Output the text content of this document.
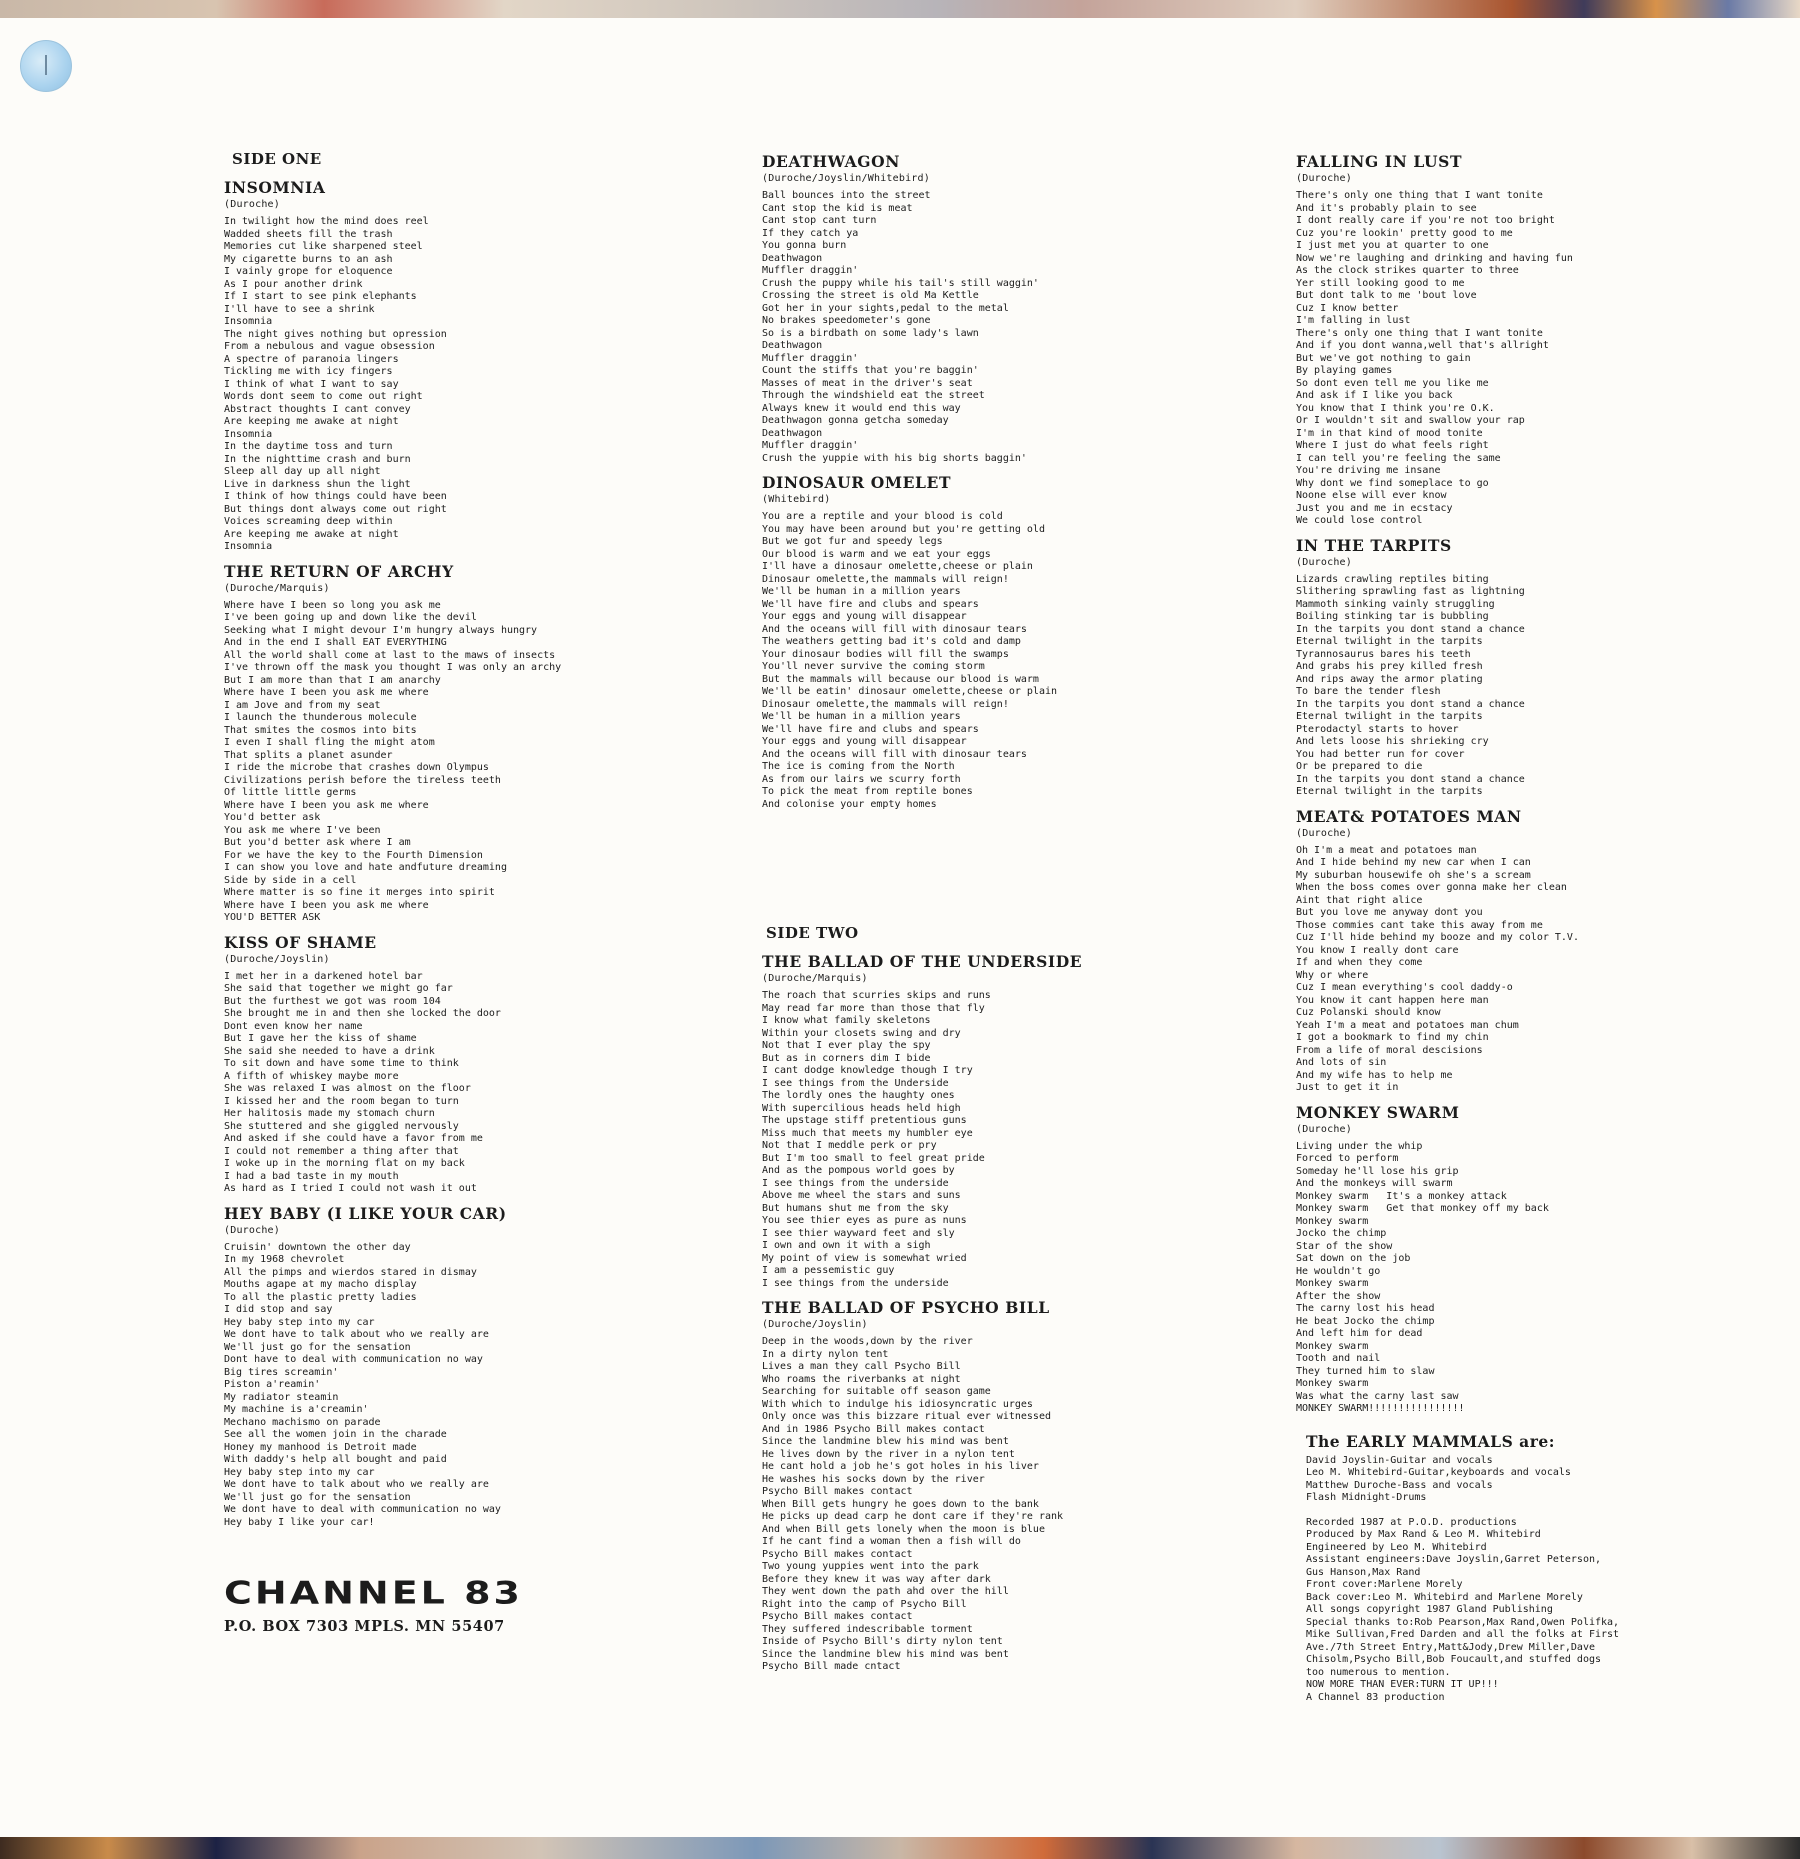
SIDE ONE
INSOMNIA
(Duroche)
In twilight how the mind does reel
Wadded sheets fill the trash
Memories cut like sharpened steel
My cigarette burns to an ash
I vainly grope for eloquence
As I pour another drink
If I start to see pink elephants
I'll have to see a shrink
Insomnia
The night gives nothing but opression
From a nebulous and vague obsession
A spectre of paranoia lingers
Tickling me with icy fingers
I think of what I want to say
Words dont seem to come out right
Abstract thoughts I cant convey
Are keeping me awake at night
Insomnia
In the daytime toss and turn
In the nighttime crash and burn
Sleep all day up all night
Live in darkness shun the light
I think of how things could have been
But things dont always come out right
Voices screaming deep within
Are keeping me awake at night
Insomnia
THE RETURN OF ARCHY
(Duroche/Marquis)
Where have I been so long you ask me
I've been going up and down like the devil
Seeking what I might devour I'm hungry always hungry
And in the end I shall EAT EVERYTHING
All the world shall come at last to the maws of insects
I've thrown off the mask you thought I was only an archy
But I am more than that I am anarchy
Where have I been you ask me where
I am Jove and from my seat
I launch the thunderous molecule
That smites the cosmos into bits
I even I shall fling the might atom
That splits a planet asunder
I ride the microbe that crashes down Olympus
Civilizations perish before the tireless teeth
Of little little germs
Where have I been you ask me where
You'd better ask
You ask me where I've been
But you'd better ask where I am
For we have the key to the Fourth Dimension
I can show you love and hate andfuture dreaming
Side by side in a cell
Where matter is so fine it merges into spirit
Where have I been you ask me where
YOU'D BETTER ASK
KISS OF SHAME
(Duroche/Joyslin)
I met her in a darkened hotel bar
She said that together we might go far
But the furthest we got was room 104
She brought me in and then she locked the door
Dont even know her name
But I gave her the kiss of shame
She said she needed to have a drink
To sit down and have some time to think
A fifth of whiskey maybe more
She was relaxed I was almost on the floor
I kissed her and the room began to turn
Her halitosis made my stomach churn
She stuttered and she giggled nervously
And asked if she could have a favor from me
I could not remember a thing after that
I woke up in the morning flat on my back
I had a bad taste in my mouth
As hard as I tried I could not wash it out
HEY BABY (I LIKE YOUR CAR)
(Duroche)
Cruisin' downtown the other day
In my 1968 chevrolet
All the pimps and wierdos stared in dismay
Mouths agape at my macho display
To all the plastic pretty ladies
I did stop and say
Hey baby step into my car
We dont have to talk about who we really are
We'll just go for the sensation
Dont have to deal with communication no way
Big tires screamin'
Piston a'reamin'
My radiator steamin
My machine is a'creamin'
Mechano machismo on parade
See all the women join in the charade
Honey my manhood is Detroit made
With daddy's help all bought and paid
Hey baby step into my car
We dont have to talk about who we really are
We'll just go for the sensation
We dont have to deal with communication no way
Hey baby I like your car!
DEATHWAGON
(Duroche/Joyslin/Whitebird)
Ball bounces into the street
Cant stop the kid is meat
Cant stop cant turn
If they catch ya
You gonna burn
Deathwagon
Muffler draggin'
Crush the puppy while his tail's still waggin'
Crossing the street is old Ma Kettle
Got her in your sights,pedal to the metal
No brakes speedometer's gone
So is a birdbath on some lady's lawn
Deathwagon
Muffler draggin'
Count the stiffs that you're baggin'
Masses of meat in the driver's seat
Through the windshield eat the street
Always knew it would end this way
Deathwagon gonna getcha someday
Deathwagon
Muffler draggin'
Crush the yuppie with his big shorts baggin'
DINOSAUR OMELET
(Whitebird)
You are a reptile and your blood is cold
You may have been around but you're getting old
But we got fur and speedy legs
Our blood is warm and we eat your eggs
I'll have a dinosaur omelette,cheese or plain
Dinosaur omelette,the mammals will reign!
We'll be human in a million years
We'll have fire and clubs and spears
Your eggs and young will disappear
And the oceans will fill with dinosaur tears
The weathers getting bad it's cold and damp
Your dinosaur bodies will fill the swamps
You'll never survive the coming storm
But the mammals will because our blood is warm
We'll be eatin' dinosaur omelette,cheese or plain
Dinosaur omelette,the mammals will reign!
We'll be human in a million years
We'll have fire and clubs and spears
Your eggs and young will disappear
And the oceans will fill with dinosaur tears
The ice is coming from the North
As from our lairs we scurry forth
To pick the meat from reptile bones
And colonise your empty homes
SIDE TWO
THE BALLAD OF THE UNDERSIDE
(Duroche/Marquis)
The roach that scurries skips and runs
May read far more than those that fly
I know what family skeletons
Within your closets swing and dry
Not that I ever play the spy
But as in corners dim I bide
I cant dodge knowledge though I try
I see things from the Underside
The lordly ones the haughty ones
With supercilious heads held high
The upstage stiff pretentious guns
Miss much that meets my humbler eye
Not that I meddle perk or pry
But I'm too small to feel great pride
And as the pompous world goes by
I see things from the underside
Above me wheel the stars and suns
But humans shut me from the sky
You see thier eyes as pure as nuns
I see thier wayward feet and sly
I own and own it with a sigh
My point of view is somewhat wried
I am a pessemistic guy
I see things from the underside
THE BALLAD OF PSYCHO BILL
(Duroche/Joyslin)
Deep in the woods,down by the river
In a dirty nylon tent
Lives a man they call Psycho Bill
Who roams the riverbanks at night
Searching for suitable off season game
With which to indulge his idiosyncratic urges
Only once was this bizzare ritual ever witnessed
And in 1986 Psycho Bill makes contact
Since the landmine blew his mind was bent
He lives down by the river in a nylon tent
He cant hold a job he's got holes in his liver
He washes his socks down by the river
Psycho Bill makes contact
When Bill gets hungry he goes down to the bank
He picks up dead carp he dont care if they're rank
And when Bill gets lonely when the moon is blue
If he cant find a woman then a fish will do
Psycho Bill makes contact
Two young yuppies went into the park
Before they knew it was way after dark
They went down the path ahd over the hill
Right into the camp of Psycho Bill
Psycho Bill makes contact
They suffered indescribable torment
Inside of Psycho Bill's dirty nylon tent
Since the landmine blew his mind was bent
Psycho Bill made cntact
FALLING IN LUST
(Duroche)
There's only one thing that I want tonite
And it's probably plain to see
I dont really care if you're not too bright
Cuz you're lookin' pretty good to me
I just met you at quarter to one
Now we're laughing and drinking and having fun
As the clock strikes quarter to three
Yer still looking good to me
But dont talk to me 'bout love
Cuz I know better
I'm falling in lust
There's only one thing that I want tonite
And if you dont wanna,well that's allright
But we've got nothing to gain
By playing games
So dont even tell me you like me
And ask if I like you back
You know that I think you're O.K.
Or I wouldn't sit and swallow your rap
I'm in that kind of mood tonite
Where I just do what feels right
I can tell you're feeling the same
You're driving me insane
Why dont we find someplace to go
Noone else will ever know
Just you and me in ecstacy
We could lose control
IN THE TARPITS
(Duroche)
Lizards crawling reptiles biting
Slithering sprawling fast as lightning
Mammoth sinking vainly struggling
Boiling stinking tar is bubbling
In the tarpits you dont stand a chance
Eternal twilight in the tarpits
Tyrannosaurus bares his teeth
And grabs his prey killed fresh
And rips away the armor plating
To bare the tender flesh
In the tarpits you dont stand a chance
Eternal twilight in the tarpits
Pterodactyl starts to hover
And lets loose his shrieking cry
You had better run for cover
Or be prepared to die
In the tarpits you dont stand a chance
Eternal twilight in the tarpits
MEAT& POTATOES MAN
(Duroche)
Oh I'm a meat and potatoes man
And I hide behind my new car when I can
My suburban housewife oh she's a scream
When the boss comes over gonna make her clean
Aint that right alice
But you love me anyway dont you
Those commies cant take this away from me
Cuz I'll hide behind my booze and my color T.V.
You know I really dont care
If and when they come
Why or where
Cuz I mean everything's cool daddy-o
You know it cant happen here man
Cuz Polanski should know
Yeah I'm a meat and potatoes man chum
I got a bookmark to find my chin
From a life of moral descisions
And lots of sin
And my wife has to help me
Just to get it in
MONKEY SWARM
(Duroche)
Living under the whip
Forced to perform
Someday he'll lose his grip
And the monkeys will swarm
Monkey swarm   It's a monkey attack
Monkey swarm   Get that monkey off my back
Monkey swarm
Jocko the chimp
Star of the show
Sat down on the job
He wouldn't go
Monkey swarm
After the show
The carny lost his head
He beat Jocko the chimp
And left him for dead
Monkey swarm
Tooth and nail
They turned him to slaw
Monkey swarm
Was what the carny last saw
MONKEY SWARM!!!!!!!!!!!!!!!!
The EARLY MAMMALS are:
David Joyslin-Guitar and vocals
Leo M. Whitebird-Guitar,keyboards and vocals
Matthew Duroche-Bass and vocals
Flash Midnight-Drums
Recorded 1987 at P.O.D. productions
Produced by Max Rand & Leo M. Whitebird
Engineered by Leo M. Whitebird
Assistant engineers:Dave Joyslin,Garret Peterson,
Gus Hanson,Max Rand
Front cover:Marlene Morely
Back cover:Leo M. Whitebird and Marlene Morely
All songs copyright 1987 Gland Publishing
Special thanks to:Rob Pearson,Max Rand,Owen Polifka,
Mike Sullivan,Fred Darden and all the folks at First
Ave./7th Street Entry,Matt&Jody,Drew Miller,Dave
Chisolm,Psycho Bill,Bob Foucault,and stuffed dogs
too numerous to mention.
NOW MORE THAN EVER:TURN IT UP!!!
A Channel 83 production
CHANNEL 83
P.O. BOX 7303 MPLS. MN 55407
